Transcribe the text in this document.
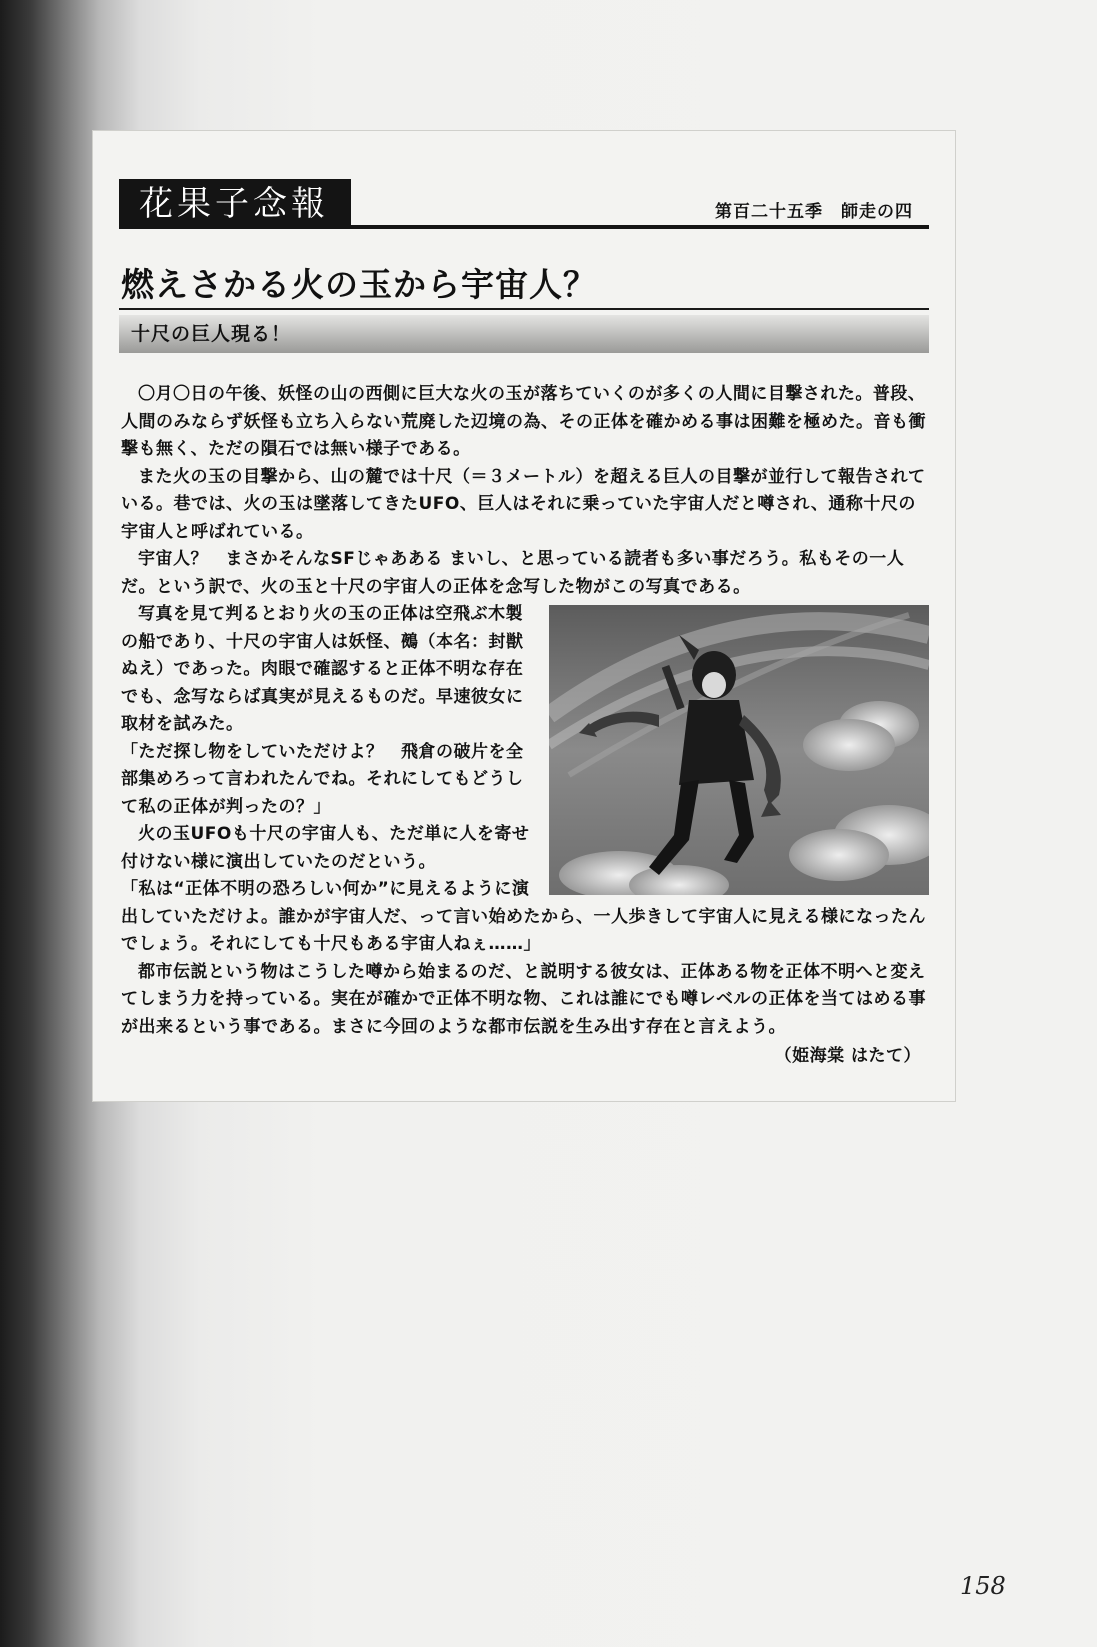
花果子念報	第百二十五季　師走の四
燃えさかる火の玉から宇宙人？
十尺の巨人現る！

〇月〇日の午後、妖怪の山の西側に巨大な火の玉が落ちていくのが多くの人間に目撃された。普段、人間のみならず妖怪も立ち入らない荒廃した辺境の為、その正体を確かめる事は困難を極めた。音も衝撃も無く、ただの隕石では無い様子である。

また火の玉の目撃から、山の麓では十尺（＝３メートル）を超える巨人の目撃が並行して報告されている。巷では、火の玉は墜落してきたUFO、巨人はそれに乗っていた宇宙人だと噂され、通称十尺の宇宙人と呼ばれている。

宇宙人？　まさかそんなSFじゃあある まいし、と思っている読者も多い事だろう。私もその一人だ。という訳で、火の玉と十尺の宇宙人の正体を念写した物がこの写真である。

写真を見て判るとおり火の玉の正体は空飛ぶ木製の船であり、十尺の宇宙人は妖怪、鵺（本名：封獣ぬえ）であった。肉眼で確認すると正体不明な存在でも、念写ならば真実が見えるものだ。早速彼女に取材を試みた。

「ただ探し物をしていただけよ？　飛倉の破片を全部集めろって言われたんでね。それにしてもどうして私の正体が判ったの？」

火の玉UFOも十尺の宇宙人も、ただ単に人を寄せ付けない様に演出していたのだという。

「私は“正体不明の恐ろしい何か”に見えるように演出していただけよ。誰かが宇宙人だ、って言い始めたから、一人歩きして宇宙人に見える様になったんでしょう。それにしても十尺もある宇宙人ねぇ……」

都市伝説という物はこうした噂から始まるのだ、と説明する彼女は、正体ある物を正体不明へと変えてしまう力を持っている。実在が確かで正体不明な物、これは誰にでも噂レベルの正体を当てはめる事が出来るという事である。まさに今回のような都市伝説を生み出す存在と言えよう。

（姫海棠 はたて）

158
